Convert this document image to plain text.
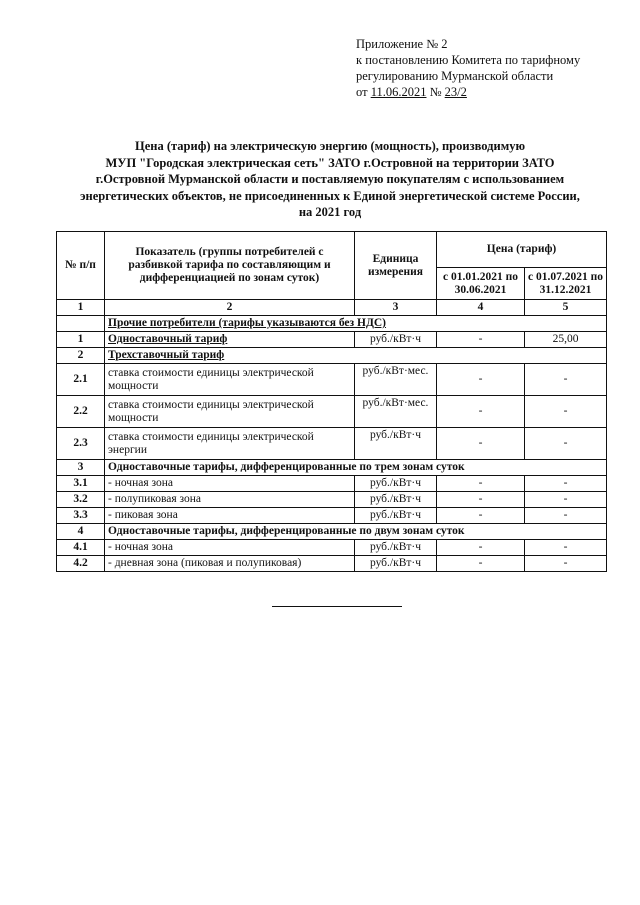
Приложение № 2
к постановлению Комитета по тарифному
регулированию Мурманской области
от 11.06.2021 № 23/2
Цена (тариф) на электрическую энергию (мощность), производимую
МУП "Городская электрическая сеть" ЗАТО г.Островной на территории ЗАТО
г.Островной Мурманской области и поставляемую покупателям с использованием
энергетических объектов, не присоединенных к Единой энергетической системе России,
на 2021 год
№ п/п	Показатель (группы потребителей с разбивкой тарифа по составляющим и дифференциацией по зонам суток)	Единица измерения	Цена (тариф)	
			с 01.01.2021 по 30.06.2021	с 01.07.2021 по 31.12.2021
1	2	3	4	5
	Прочие потребители (тарифы указываются без НДС)			
1	Одноставочный тариф	руб./кВт·ч	-	25,00
2	Трехставочный тариф			
2.1	ставка стоимости единицы электрической мощности	руб./кВт·мес.	-	-
2.2	ставка стоимости единицы электрической мощности	руб./кВт·мес.	-	-
2.3	ставка стоимости единицы электрической энергии	руб./кВт·ч	-	-
3	Одноставочные тарифы, дифференцированные по трем зонам суток			
3.1	- ночная зона	руб./кВт·ч	-	-
3.2	- полупиковая зона	руб./кВт·ч	-	-
3.3	- пиковая зона	руб./кВт·ч	-	-
4	Одноставочные тарифы, дифференцированные по двум зонам суток			
4.1	- ночная зона	руб./кВт·ч	-	-
4.2	- дневная зона (пиковая и полупиковая)	руб./кВт·ч	-	-
